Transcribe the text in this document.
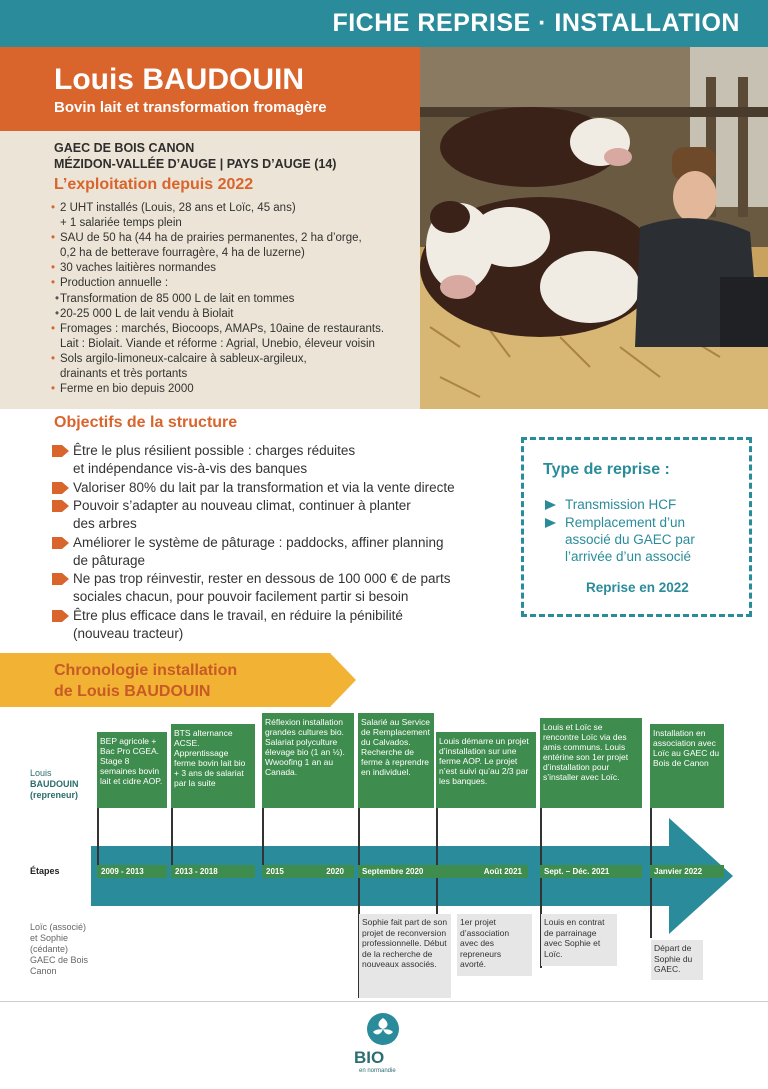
FICHE REPRISE · INSTALLATION
Louis BAUDOUIN
Bovin lait et transformation fromagère
GAEC DE BOIS CANON
MÉZIDON-VALLÉE D’AUGE | PAYS D’AUGE (14)
L’exploitation depuis 2022
• 2 UHT installés (Louis, 28 ans et Loïc, 45 ans)
+ 1 salariée temps plein
• SAU de 50 ha (44 ha de prairies permanentes, 2 ha d’orge,
0,2 ha de betterave fourragère, 4 ha de luzerne)
• 30 vaches laitières normandes
• Production annuelle :
• Transformation de 85 000 L de lait en tommes
• 20-25 000 L de lait vendu à Biolait
• Fromages : marchés, Biocoops, AMAPs, 10aine de restaurants.
Lait : Biolait. Viande et réforme : Agrial, Unebio, éleveur voisin
• Sols argilo-limoneux-calcaire à sableux-argileux,
drainants et très portants
• Ferme en bio depuis 2000
Objectifs de la structure
Être le plus résilient possible : charges réduites
et indépendance vis-à-vis des banques
Valoriser 80% du lait par la transformation et via la vente directe
Pouvoir s’adapter au nouveau climat, continuer à planter
des arbres
Améliorer le système de pâturage : paddocks, affiner planning
de pâturage
Ne pas trop réinvestir, rester en dessous de 100 000 € de parts
sociales chacun, pour pouvoir facilement partir si besoin
Être plus efficace dans le travail, en réduire la pénibilité
(nouveau tracteur)
Type de reprise :
Transmission HCF
Remplacement d’un associé du GAEC par l’arrivée d’un associé
Reprise en 2022
Chronologie installation
de Louis BAUDOUIN
Louis
BAUDOUIN
(repreneur)
Étapes
Loïc (associé)
et Sophie
(cédante)
GAEC de Bois
Canon
BEP agricole + Bac Pro CGEA. Stage 8 semaines bovin lait et cidre AOP.
BTS alternance ACSE. Apprentissage ferme bovin lait bio + 3 ans de salariat par la suite
Réflexion installation grandes cultures bio. Salariat polyculture élevage bio (1 an ½). Wwoofing 1 an au Canada.
Salarié au Service de Remplacement du Calvados. Recherche de ferme à reprendre en individuel.
Louis démarre un projet d’installation sur une ferme AOP. Le projet n’est suivi qu’au 2/3 par les banques.
Louis et Loïc se rencontre Loïc via des amis communs. Louis entérine son 1er projet d’installation pour s’installer avec Loïc.
Installation en association avec Loïc au GAEC du Bois de Canon
2009 - 2013	2013 - 2018	2015	2020	Septembre 2020	Août 2021	Sept. – Déc. 2021	Janvier 2022
Sophie fait part de son projet de reconversion professionnelle. Début de la recherche de nouveaux associés.
1er projet d’association avec des repreneurs avorté.
Louis en contrat de parrainage avec Sophie et Loïc.
Départ de Sophie du GAEC.
BIO
en normandie
